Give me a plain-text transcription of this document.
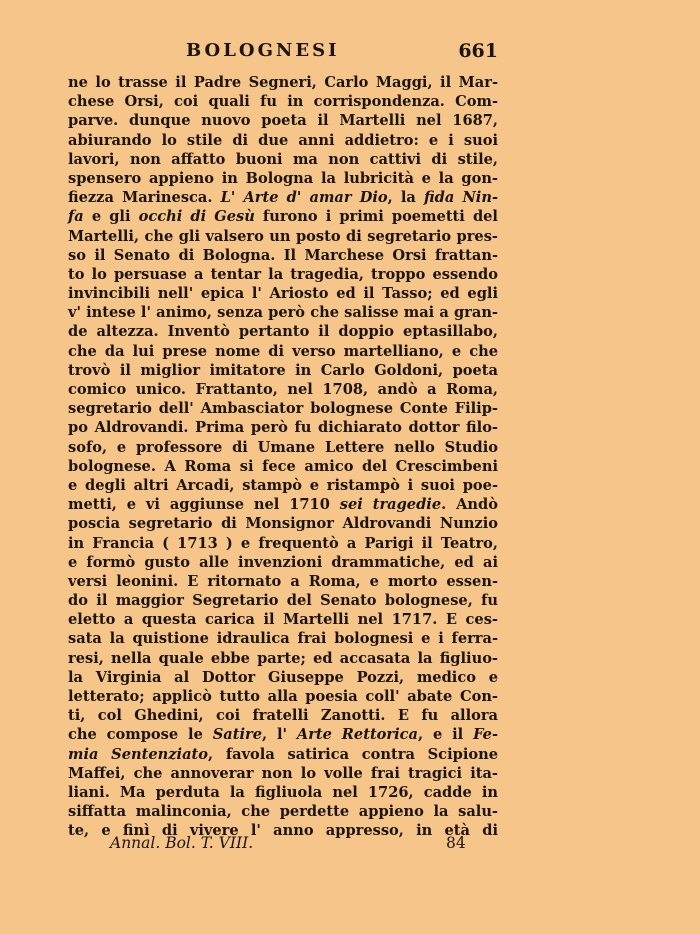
BOLOGNESI	661
ne lo trasse il Padre Segneri, Carlo Maggi, il Mar-
chese Orsi, coi quali fu in corrispondenza. Com-
parve. dunque nuovo poeta il Martelli nel 1687,
abiurando lo stile di due anni addietro: e i suoi
lavori, non affatto buoni ma non cattivi di stile,
spensero appieno in Bologna la lubricità e la gon-
fiezza Marinesca. L' Arte d' amar Dio, la fida Nin-
fa e gli occhi di Gesù furono i primi poemetti del
Martelli, che gli valsero un posto di segretario pres-
so il Senato di Bologna. Il Marchese Orsi frattan-
to lo persuase a tentar la tragedia, troppo essendo
invincibili nell' epica l' Ariosto ed il Tasso; ed egli
v' intese l' animo, senza però che salisse mai a gran-
de altezza. Inventò pertanto il doppio eptasillabo,
che da lui prese nome di verso martelliano, e che
trovò il miglior imitatore in Carlo Goldoni, poeta
comico unico. Frattanto, nel 1708, andò a Roma,
segretario dell' Ambasciator bolognese Conte Filip-
po Aldrovandi. Prima però fu dichiarato dottor filo-
sofo, e professore di Umane Lettere nello Studio
bolognese. A Roma si fece amico del Crescimbeni
e degli altri Arcadi, stampò e ristampò i suoi poe-
metti, e vi aggiunse nel 1710 sei tragedie. Andò
poscia segretario di Monsignor Aldrovandi Nunzio
in Francia ( 1713 ) e frequentò a Parigi il Teatro,
e formò gusto alle invenzioni drammatiche, ed ai
versi leonini. E ritornato a Roma, e morto essen-
do il maggior Segretario del Senato bolognese, fu
eletto a questa carica il Martelli nel 1717. E ces-
sata la quistione idraulica frai bolognesi e i ferra-
resi, nella quale ebbe parte; ed accasata la figliuo-
la Virginia al Dottor Giuseppe Pozzi, medico e
letterato; applicò tutto alla poesia coll' abate Con-
ti, col Ghedini, coi fratelli Zanotti. E fu allora
che compose le Satire, l' Arte Rettorica, e il Fe-
mia Sentenziato, favola satirica contra Scipione
Maffei, che annoverar non lo volle frai tragici ita-
liani. Ma perduta la figliuola nel 1726, cadde in
siffatta malinconia, che perdette appieno la salu-
te, e finì di vivere l' anno appresso, in età di
Annal. Bol. T. VIII.	84
